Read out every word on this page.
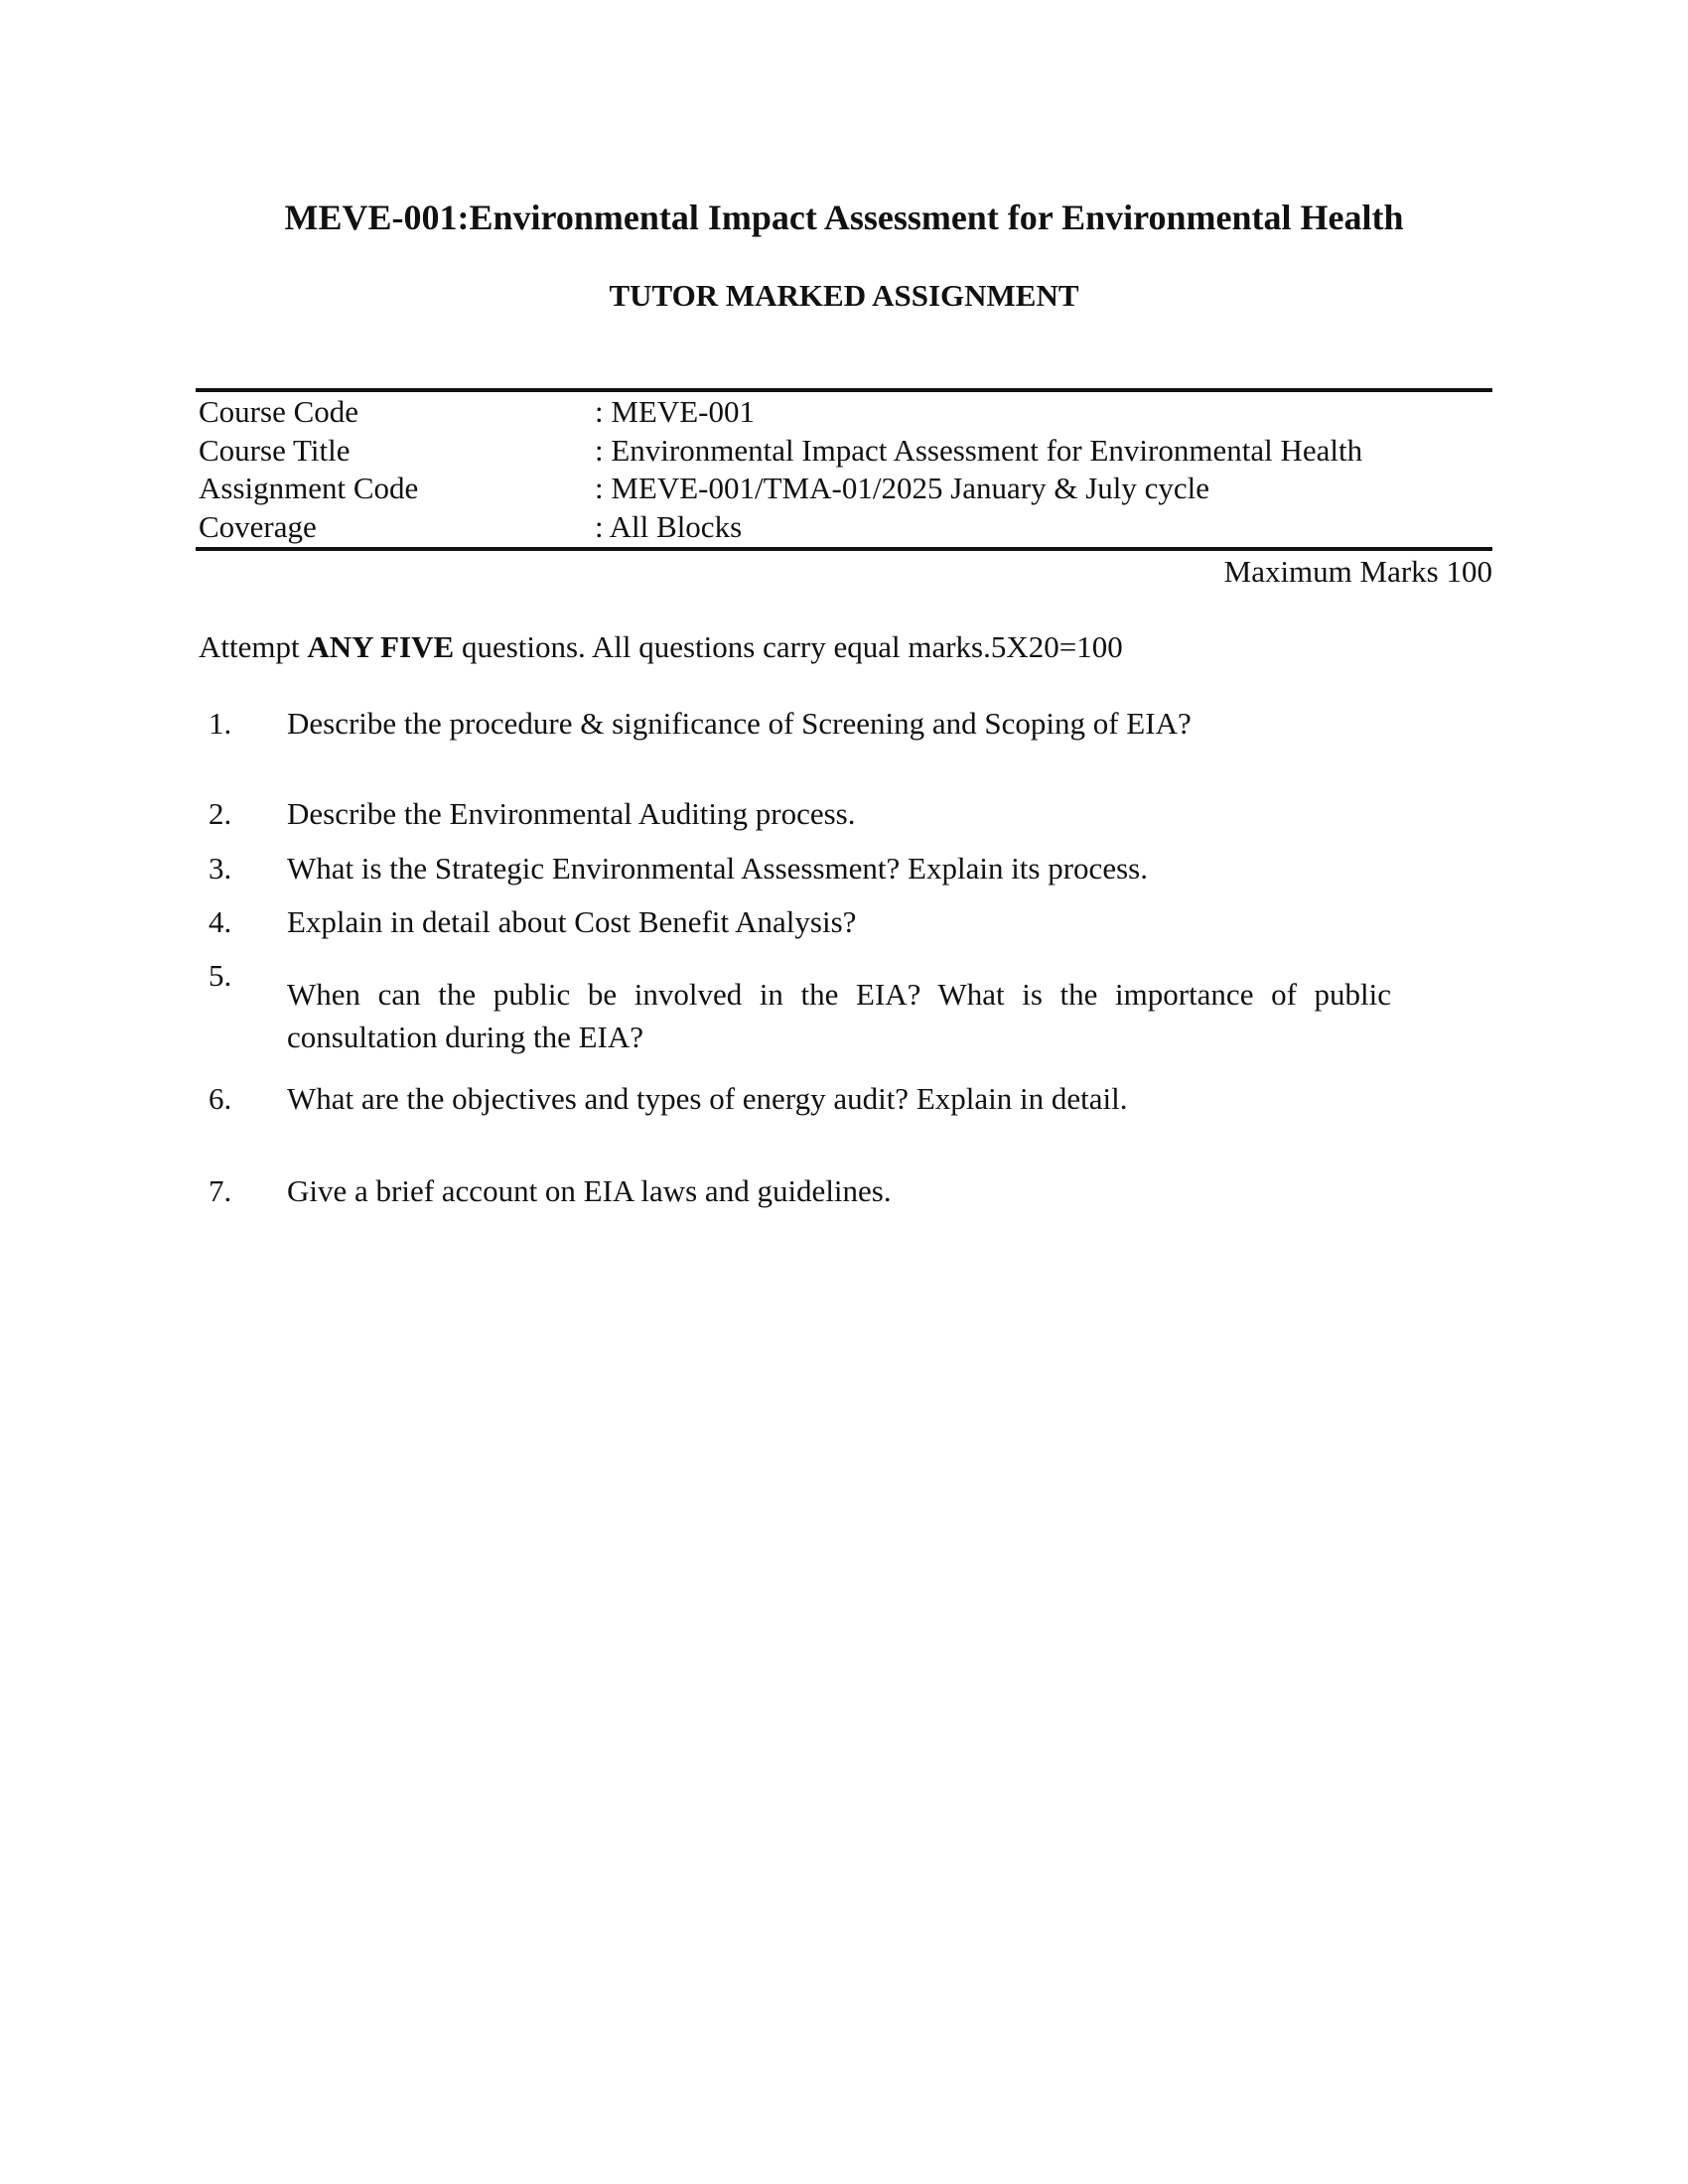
MEVE-001:Environmental Impact Assessment for Environmental Health
TUTOR MARKED ASSIGNMENT
Course Code	: MEVE-001
Course Title	: Environmental Impact Assessment for Environmental Health
Assignment Code	: MEVE-001/TMA-01/2025 January & July cycle
Coverage	: All Blocks
Maximum Marks 100
Attempt ANY FIVE questions. All questions carry equal marks.5X20=100
1. Describe the procedure & significance of Screening and Scoping of EIA?
2. Describe the Environmental Auditing process.
3. What is the Strategic Environmental Assessment? Explain its process.
4. Explain in detail about Cost Benefit Analysis?
5.
When can the public be involved in the EIA? What is the importance of public consultation during the EIA?
6. What are the objectives and types of energy audit? Explain in detail.
7. Give a brief account on EIA laws and guidelines.
